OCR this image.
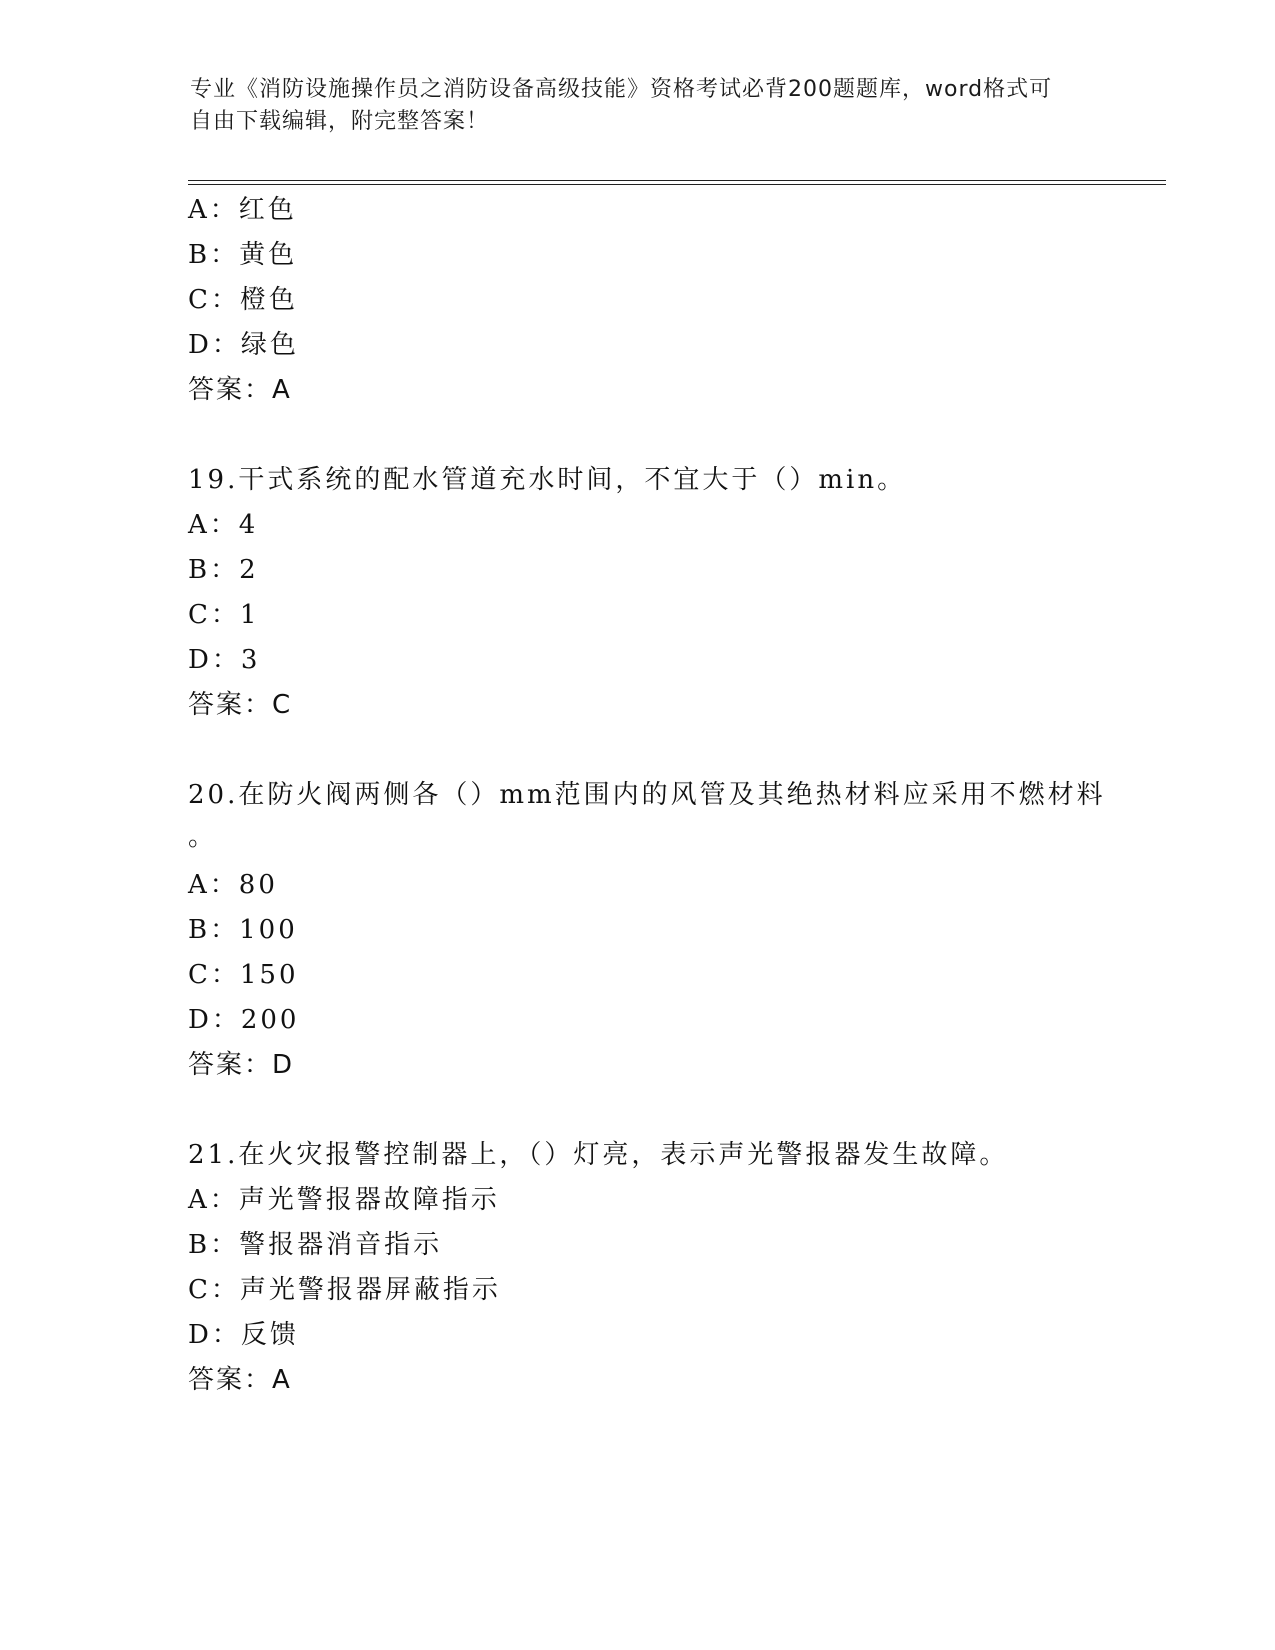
专业《消防设施操作员之消防设备高级技能》资格考试必背200题题库，word格式可自由下载编辑，附完整答案！
A：红色
B：黄色
C：橙色
D：绿色
答案：A
19.干式系统的配水管道充水时间，不宜大于（）min。
A：4
B：2
C：1
D：3
答案：C
20.在防火阀两侧各（）mm范围内的风管及其绝热材料应采用不燃材料
。
A：80
B：100
C：150
D：200
答案：D
21.在火灾报警控制器上，（）灯亮，表示声光警报器发生故障。
A：声光警报器故障指示
B：警报器消音指示
C：声光警报器屏蔽指示
D：反馈
答案：A
